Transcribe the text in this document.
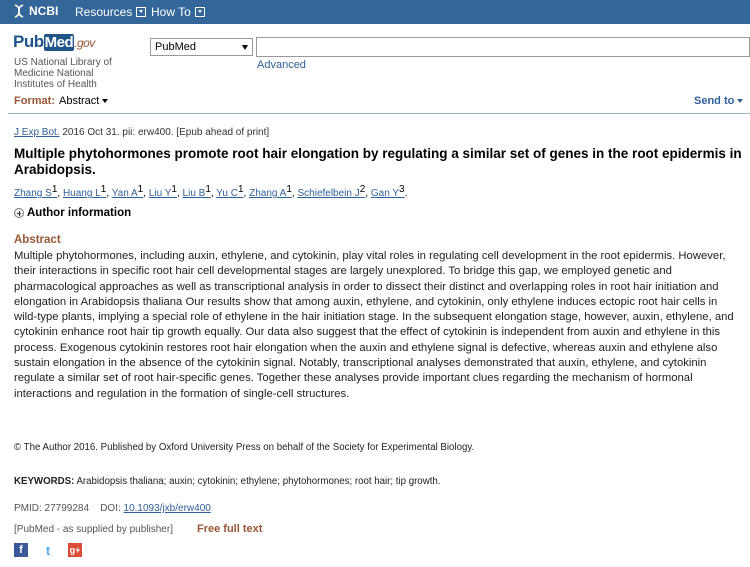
NCBI Resources How To
PubMed.gov
US National Library of Medicine National Institutes of Health
PubMed
Advanced
Format: Abstract	Send to
J Exp Bot. 2016 Oct 31. pii: erw400. [Epub ahead of print]
Multiple phytohormones promote root hair elongation by regulating a similar set of genes in the root epidermis in Arabidopsis.
Zhang $S^1$, Huang $L^1$, Yan $A^1$, Liu $Y^1$, Liu $B^1$, Yu $C^1$, Zhang $A^1$, Schiefelbein $J^2$, Gan $Y^3$.
Author information
Abstract
Multiple phytohormones, including auxin, ethylene, and cytokinin, play vital roles in regulating cell development in the root epidermis. However, their interactions in specific root hair cell developmental stages are largely unexplored. To bridge this gap, we employed genetic and pharmacological approaches as well as transcriptional analysis in order to dissect their distinct and overlapping roles in root hair initiation and elongation in Arabidopsis thaliana Our results show that among auxin, ethylene, and cytokinin, only ethylene induces ectopic root hair cells in wild-type plants, implying a special role of ethylene in the hair initiation stage. In the subsequent elongation stage, however, auxin, ethylene, and cytokinin enhance root hair tip growth equally. Our data also suggest that the effect of cytokinin is independent from auxin and ethylene in this process. Exogenous cytokinin restores root hair elongation when the auxin and ethylene signal is defective, whereas auxin and ethylene also sustain elongation in the absence of the cytokinin signal. Notably, transcriptional analyses demonstrated that auxin, ethylene, and cytokinin regulate a similar set of root hair-specific genes. Together these analyses provide important clues regarding the mechanism of hormonal interactions and regulation in the formation of single-cell structures.
© The Author 2016. Published by Oxford University Press on behalf of the Society for Experimental Biology.
KEYWORDS: Arabidopsis thaliana; auxin; cytokinin; ethylene; phytohormones; root hair; tip growth.
PMID: 27799284 DOI: 10.1093/jxb/erw400
[PubMed - as supplied by publisher] Free full text
f	t	g+
